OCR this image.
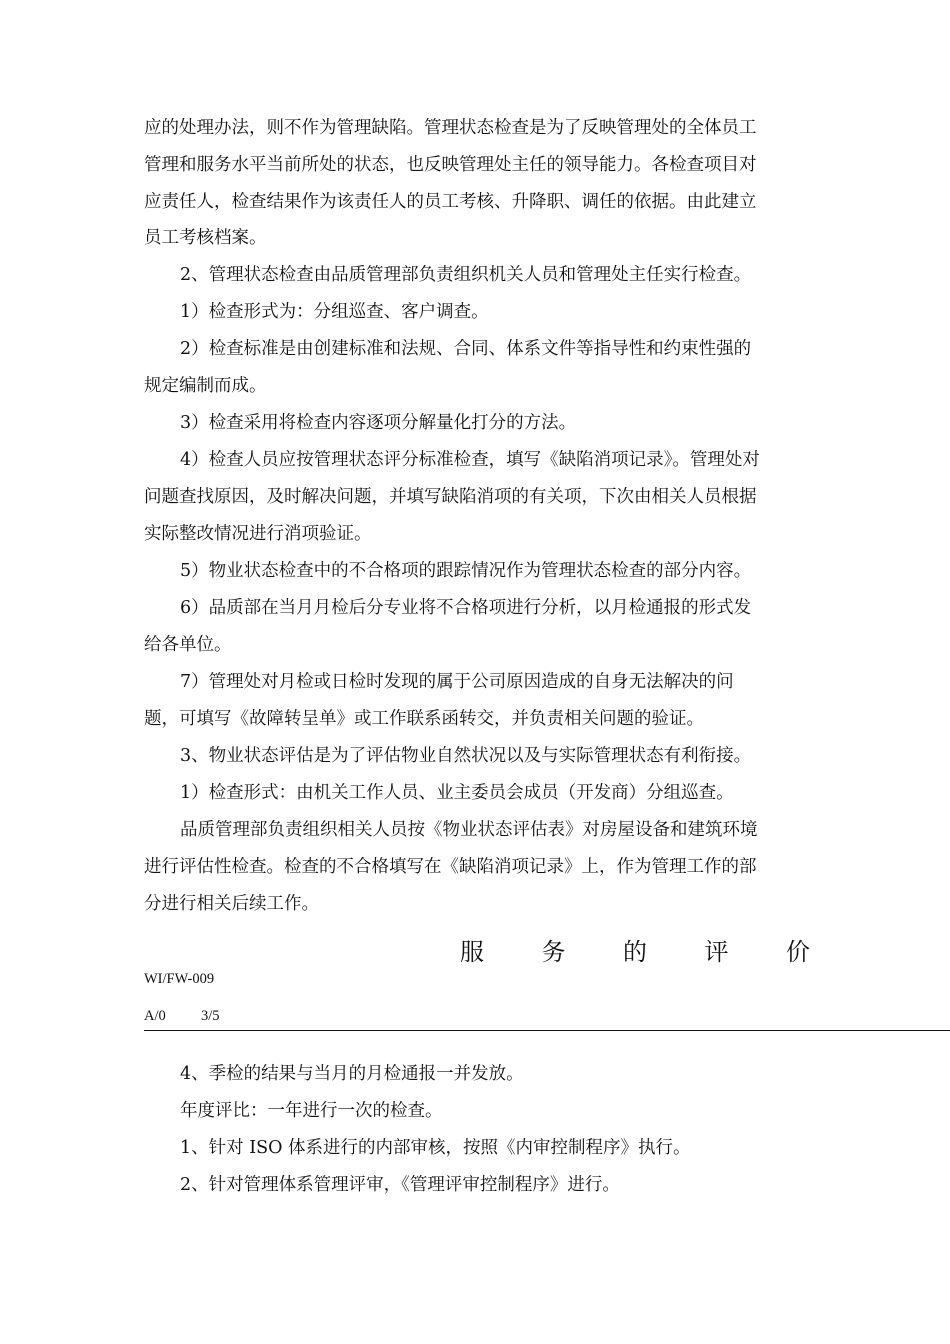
应的处理办法，则不作为管理缺陷。管理状态检查是为了反映管理处的全体员工
管理和服务水平当前所处的状态，也反映管理处主任的领导能力。各检查项目对
应责任人，检查结果作为该责任人的员工考核、升降职、调任的依据。由此建立
员工考核档案。
2、管理状态检查由品质管理部负责组织机关人员和管理处主任实行检查。
1）检查形式为：分组巡查、客户调查。
2）检查标准是由创建标准和法规、合同、体系文件等指导性和约束性强的
规定编制而成。
3）检查采用将检查内容逐项分解量化打分的方法。
4）检查人员应按管理状态评分标准检查，填写《缺陷消项记录》。管理处对
问题查找原因，及时解决问题，并填写缺陷消项的有关项，下次由相关人员根据
实际整改情况进行消项验证。
5）物业状态检查中的不合格项的跟踪情况作为管理状态检查的部分内容。
6）品质部在当月月检后分专业将不合格项进行分析，以月检通报的形式发
给各单位。
7）管理处对月检或日检时发现的属于公司原因造成的自身无法解决的问
题，可填写《故障转呈单》或工作联系函转交，并负责相关问题的验证。
3、物业状态评估是为了评估物业自然状况以及与实际管理状态有利衔接。
1）检查形式：由机关工作人员、业主委员会成员（开发商）分组巡查。
品质管理部负责组织相关人员按《物业状态评估表》对房屋设备和建筑环境
进行评估性检查。检查的不合格填写在《缺陷消项记录》上，作为管理工作的部
分进行相关后续工作。
服 务 的 评 价
WI/FW-009
A/0 3/5
4、季检的结果与当月的月检通报一并发放。
年度评比：一年进行一次的检查。
1、针对 ISO 体系进行的内部审核，按照《内审控制程序》执行。
2、针对管理体系管理评审，《管理评审控制程序》进行。
